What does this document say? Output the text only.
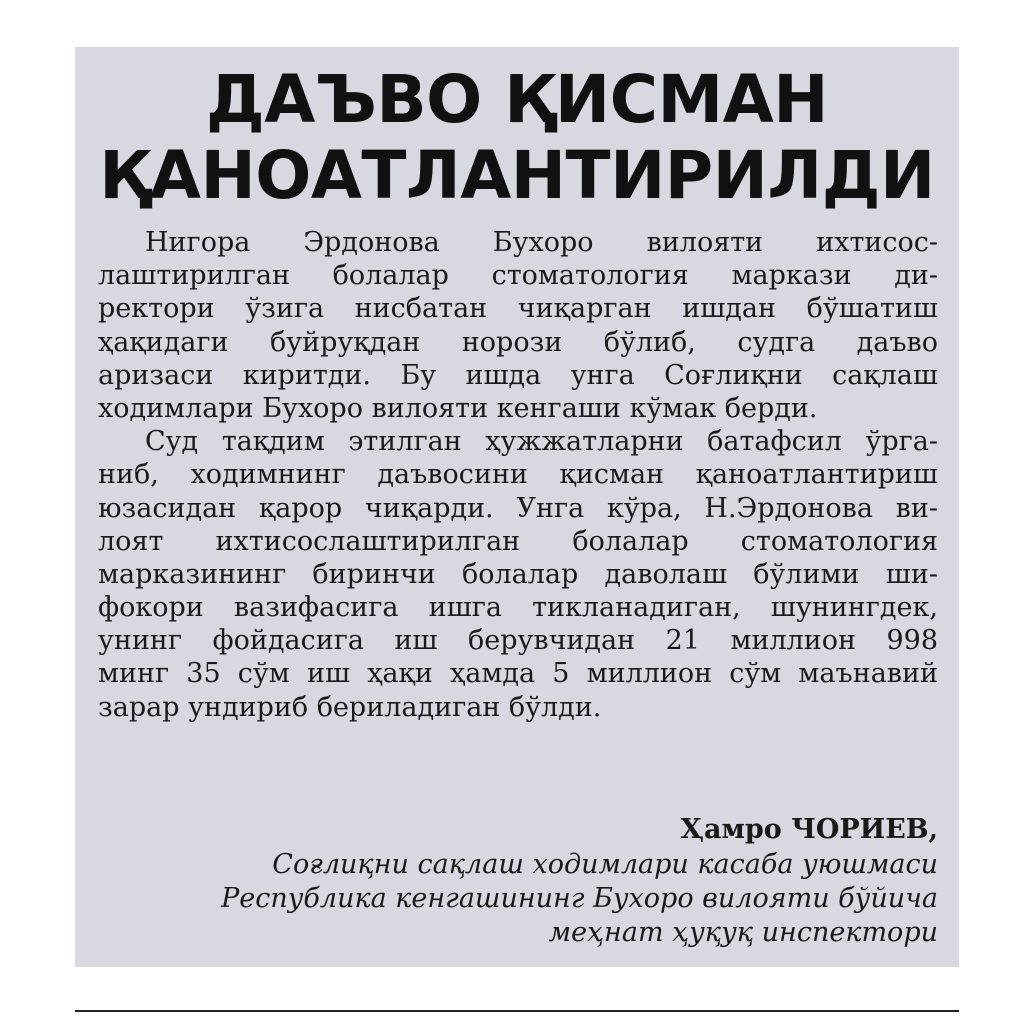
ДАЪВО ҚИСМАН
ҚАНОАТЛАНТИРИЛДИ
Нигора Эрдонова Бухоро вилояти ихтисос-
лаштирилган болалар стоматология маркази ди-
ректори ўзига нисбатан чиқарган ишдан бўшатиш
ҳақидаги буйруқдан норози бўлиб, судга даъво
аризаси киритди. Бу ишда унга Соғлиқни сақлаш
ходимлари Бухоро вилояти кенгаши кўмак берди.
Суд тақдим этилган ҳужжатларни батафсил ўрга-
ниб, ходимнинг даъвосини қисман қаноатлантириш
юзасидан қарор чиқарди. Унга кўра, Н.Эрдонова ви-
лоят ихтисослаштирилган болалар стоматология
марказининг биринчи болалар даволаш бўлими ши-
фокори вазифасига ишга тикланадиган, шунингдек,
унинг фойдасига иш берувчидан 21 миллион 998
минг 35 сўм иш ҳақи ҳамда 5 миллион сўм маънавий
зарар ундириб бериладиган бўлди.
Ҳамро ЧОРИЕВ,
Соғлиқни сақлаш ходимлари касаба уюшмаси
Республика кенгашининг Бухоро вилояти бўйича
меҳнат ҳуқуқ инспектори
